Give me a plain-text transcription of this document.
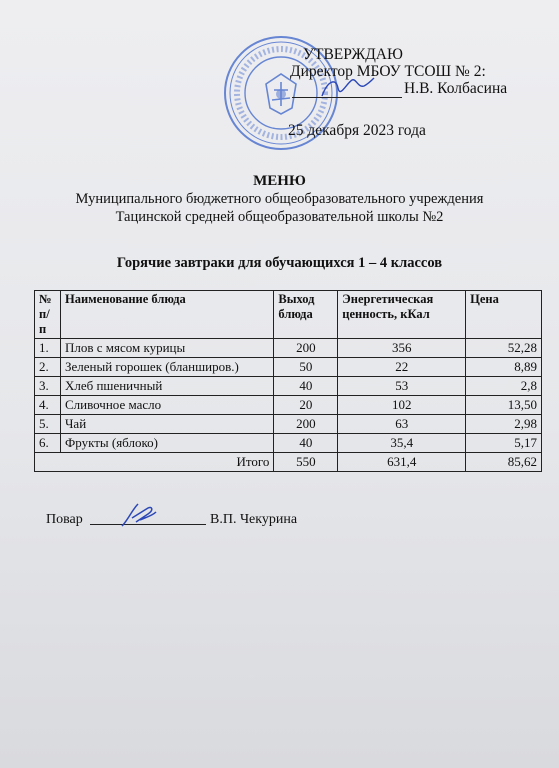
УТВЕРЖДАЮ
Директор МБОУ ТСОШ № 2:
Н.В. Колбасина
25 декабря 2023 года
МЕНЮ
Муниципального бюджетного общеобразовательного учреждения
Тацинской средней общеобразовательной школы №2
Горячие завтраки для обучающихся 1 – 4 классов
№ п/п	Наименование блюда	Выход блюда	Энергетическая ценность, кКал	Цена
1.	Плов с мясом курицы	200	356	52,28
2.	Зеленый горошек (бланширов.)	50	22	8,89
3.	Хлеб пшеничный	40	53	2,8
4.	Сливочное масло	20	102	13,50
5.	Чай	200	63	2,98
6.	Фрукты (яблоко)	40	35,4	5,17
Итого		550	631,4	85,62
Повар	В.П. Чекурина
